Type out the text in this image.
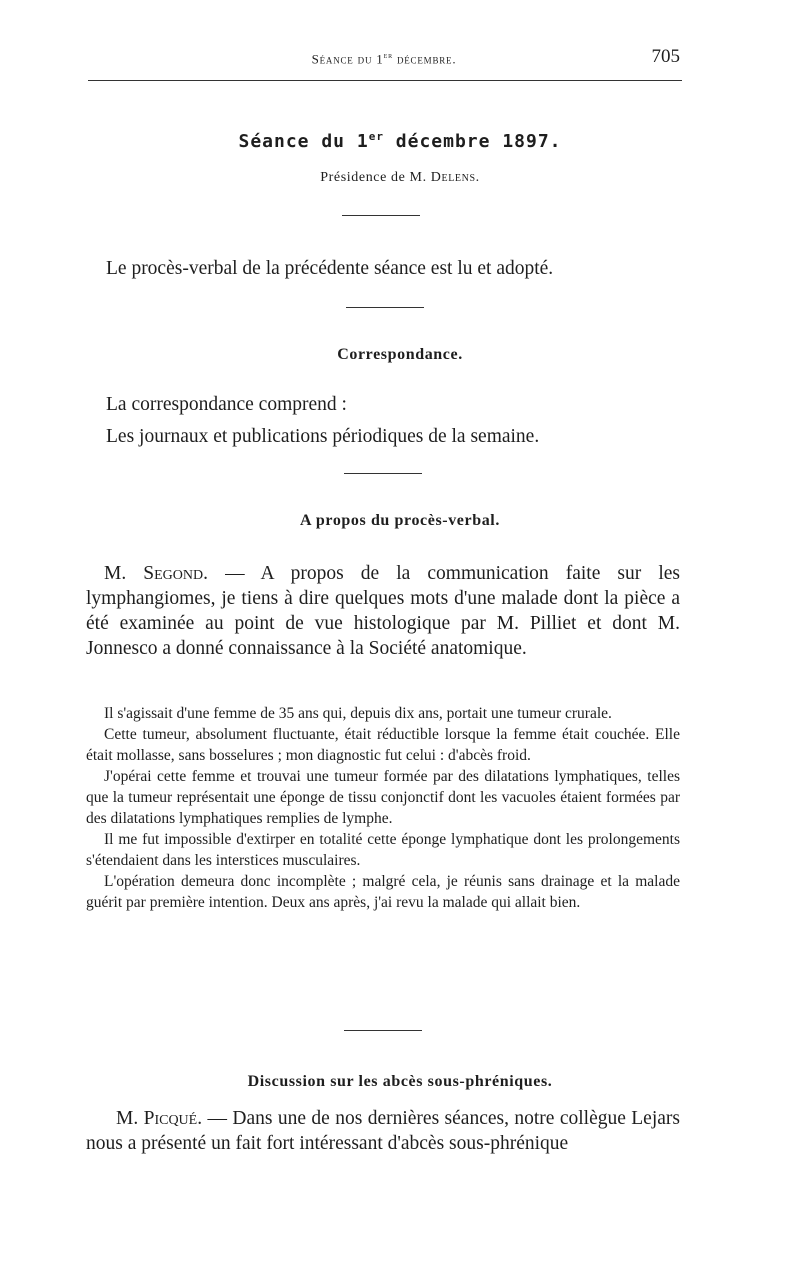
Séance du 1er décembre.	705
Séance du 1er décembre 1897.
Présidence de M. Delens.
Le procès-verbal de la précédente séance est lu et adopté.
Correspondance.
La correspondance comprend :
Les journaux et publications périodiques de la semaine.
A propos du procès-verbal.
M. Segond. — A propos de la communication faite sur les lymphangiomes, je tiens à dire quelques mots d'une malade dont la pièce a été examinée au point de vue histologique par M. Pilliet et dont M. Jonnesco a donné connaissance à la Société anatomique.

Il s'agissait d'une femme de 35 ans qui, depuis dix ans, portait une tumeur crurale.

Cette tumeur, absolument fluctuante, était réductible lorsque la femme était couchée. Elle était mollasse, sans bosselures ; mon diagnostic fut celui : d'abcès froid.

J'opérai cette femme et trouvai une tumeur formée par des dilatations lymphatiques, telles que la tumeur représentait une éponge de tissu conjonctif dont les vacuoles étaient formées par des dilatations lymphatiques remplies de lymphe.

Il me fut impossible d'extirper en totalité cette éponge lymphatique dont les prolongements s'étendaient dans les interstices musculaires.

L'opération demeura donc incomplète ; malgré cela, je réunis sans drainage et la malade guérit par première intention. Deux ans après, j'ai revu la malade qui allait bien.

Discussion sur les abcès sous-phréniques.
M. Picqué. — Dans une de nos dernières séances, notre collègue Lejars nous a présenté un fait fort intéressant d'abcès sous-phrénique
